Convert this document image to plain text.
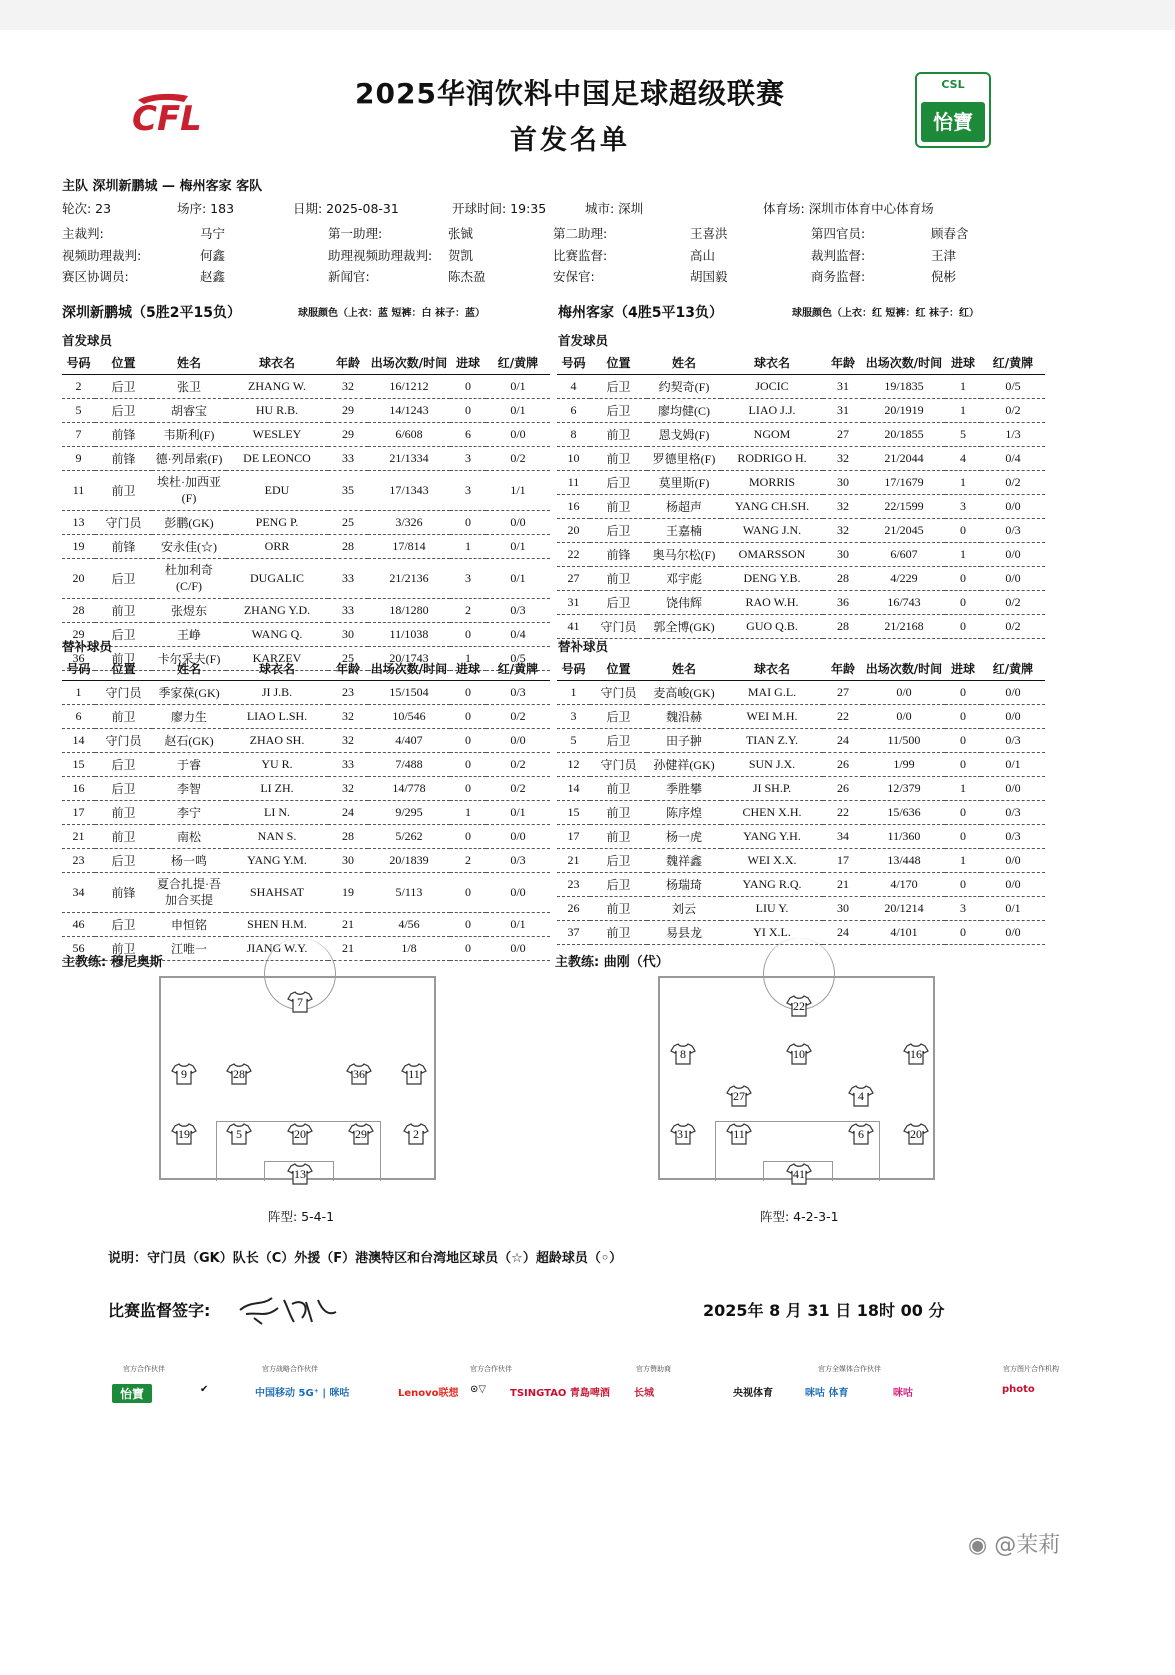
CFL
2025华润饮料中国足球超级联赛
首发名单
CSL
怡寶
主队 深圳新鹏城 — 梅州客家 客队
轮次: 23	场序: 183	日期: 2025-08-31	开球时间: 19:35	城市: 深圳	体育场: 深圳市体育中心体育场
主裁判:	马宁	第一助理:	张铖	第二助理:	王喜洪	第四官员:	顾春含
视频助理裁判:	何鑫	助理视频助理裁判: 贺凯	比赛监督:	高山	裁判监督:	王津
赛区协调员:	赵鑫	新闻官:	陈杰盈	安保官:	胡国毅	商务监督:	倪彬
深圳新鹏城（5胜2平15负）	球服颜色（上衣：蓝 短裤：白 袜子：蓝）	梅州客家（4胜5平13负）	球服颜色（上衣：红 短裤：红 袜子：红）
首发球员	首发球员
号码	位置	姓名	球衣名	年龄	出场次数/时间	进球	红/黄牌
2	后卫	张卫	ZHANG W.	32	16/1212	0	0/1
5	后卫	胡睿宝	HU R.B.	29	14/1243	0	0/1
7	前锋	韦斯利(F)	WESLEY	29	6/608	6	0/0
9	前锋	德·列昂索(F)	DE LEONCO	33	21/1334	3	0/2
11	前卫	埃杜·加西亚(F)	EDU	35	17/1343	3	1/1
13	守门员	彭鹏(GK)	PENG P.	25	3/326	0	0/0
19	前锋	安永佳(☆)	ORR	28	17/814	1	0/1
20	后卫	杜加利奇(C/F)	DUGALIC	33	21/2136	3	0/1
28	前卫	张煜东	ZHANG Y.D.	33	18/1280	2	0/3
29	后卫	王峥	WANG Q.	30	11/1038	0	0/4
36	前卫	卡尔采夫(F)	KARZEV	25	20/1743	1	0/5
号码	位置	姓名	球衣名	年龄	出场次数/时间	进球	红/黄牌
4	后卫	约契奇(F)	JOCIC	31	19/1835	1	0/5
6	后卫	廖均健(C)	LIAO J.J.	31	20/1919	1	0/2
8	前卫	恩戈姆(F)	NGOM	27	20/1855	5	1/3
10	前卫	罗德里格(F)	RODRIGO H.	32	21/2044	4	0/4
11	后卫	莫里斯(F)	MORRIS	30	17/1679	1	0/2
16	前卫	杨超声	YANG CH.SH.	32	22/1599	3	0/0
20	后卫	王嘉楠	WANG J.N.	32	21/2045	0	0/3
22	前锋	奥马尔松(F)	OMARSSON	30	6/607	1	0/0
27	前卫	邓宇彪	DENG Y.B.	28	4/229	0	0/0
31	后卫	饶伟辉	RAO W.H.	36	16/743	0	0/2
41	守门员	郭全博(GK)	GUO Q.B.	28	21/2168	0	0/2
替补球员	替补球员
号码	位置	姓名	球衣名	年龄	出场次数/时间	进球	红/黄牌
1	守门员	季家葆(GK)	JI J.B.	23	15/1504	0	0/3
6	前卫	廖力生	LIAO L.SH.	32	10/546	0	0/2
14	守门员	赵石(GK)	ZHAO SH.	32	4/407	0	0/0
15	后卫	于睿	YU R.	33	7/488	0	0/2
16	后卫	李智	LI ZH.	32	14/778	0	0/2
17	前卫	李宁	LI N.	24	9/295	1	0/1
21	前卫	南松	NAN S.	28	5/262	0	0/0
23	后卫	杨一鸣	YANG Y.M.	30	20/1839	2	0/3
34	前锋	夏合扎提·吾加合买提	SHAHSAT	19	5/113	0	0/0
46	后卫	申恒铭	SHEN H.M.	21	4/56	0	0/1
56	前卫	江唯一	JIANG W.Y.	21	1/8	0	0/0
号码	位置	姓名	球衣名	年龄	出场次数/时间	进球	红/黄牌
1	守门员	麦高峻(GK)	MAI G.L.	27	0/0	0	0/0
3	后卫	魏沿赫	WEI M.H.	22	0/0	0	0/0
5	后卫	田子翀	TIAN Z.Y.	24	11/500	0	0/3
12	守门员	孙健祥(GK)	SUN J.X.	26	1/99	0	0/1
14	前卫	季胜攀	JI SH.P.	26	12/379	1	0/0
15	前卫	陈序煌	CHEN X.H.	22	15/636	0	0/3
17	前卫	杨一虎	YANG Y.H.	34	11/360	0	0/3
21	后卫	魏祥鑫	WEI X.X.	17	13/448	1	0/0
23	后卫	杨瑞琦	YANG R.Q.	21	4/170	0	0/0
26	前卫	刘云	LIU Y.	30	20/1214	3	0/1
37	前卫	易县龙	YI X.L.	24	4/101	0	0/0
主教练: 穆尼奥斯	主教练: 曲刚（代）
7
9	28	36	11
19	5	20	29	2
13
22
8	10	16
27	4
31	11	6	20
41
阵型: 5-4-1	阵型: 4-2-3-1
说明：守门员（GK）队长（C）外援（F）港澳特区和台湾地区球员（☆）超龄球员（◦）
比赛监督签字:	2025年 8 月 31 日 18时 00 分
官方合作伙伴	官方战略合作伙伴	官方合作伙伴	官方赞助商	官方全媒体合作伙伴	官方图片合作机构
怡寶	✔	中国移动 5G⁺ | 咪咕	Lenovo联想 ⊙▽ TSINGTAO 青島啤酒 长城	央视体育	咪咕 体育	咪咕	photo
◉ @茉莉
